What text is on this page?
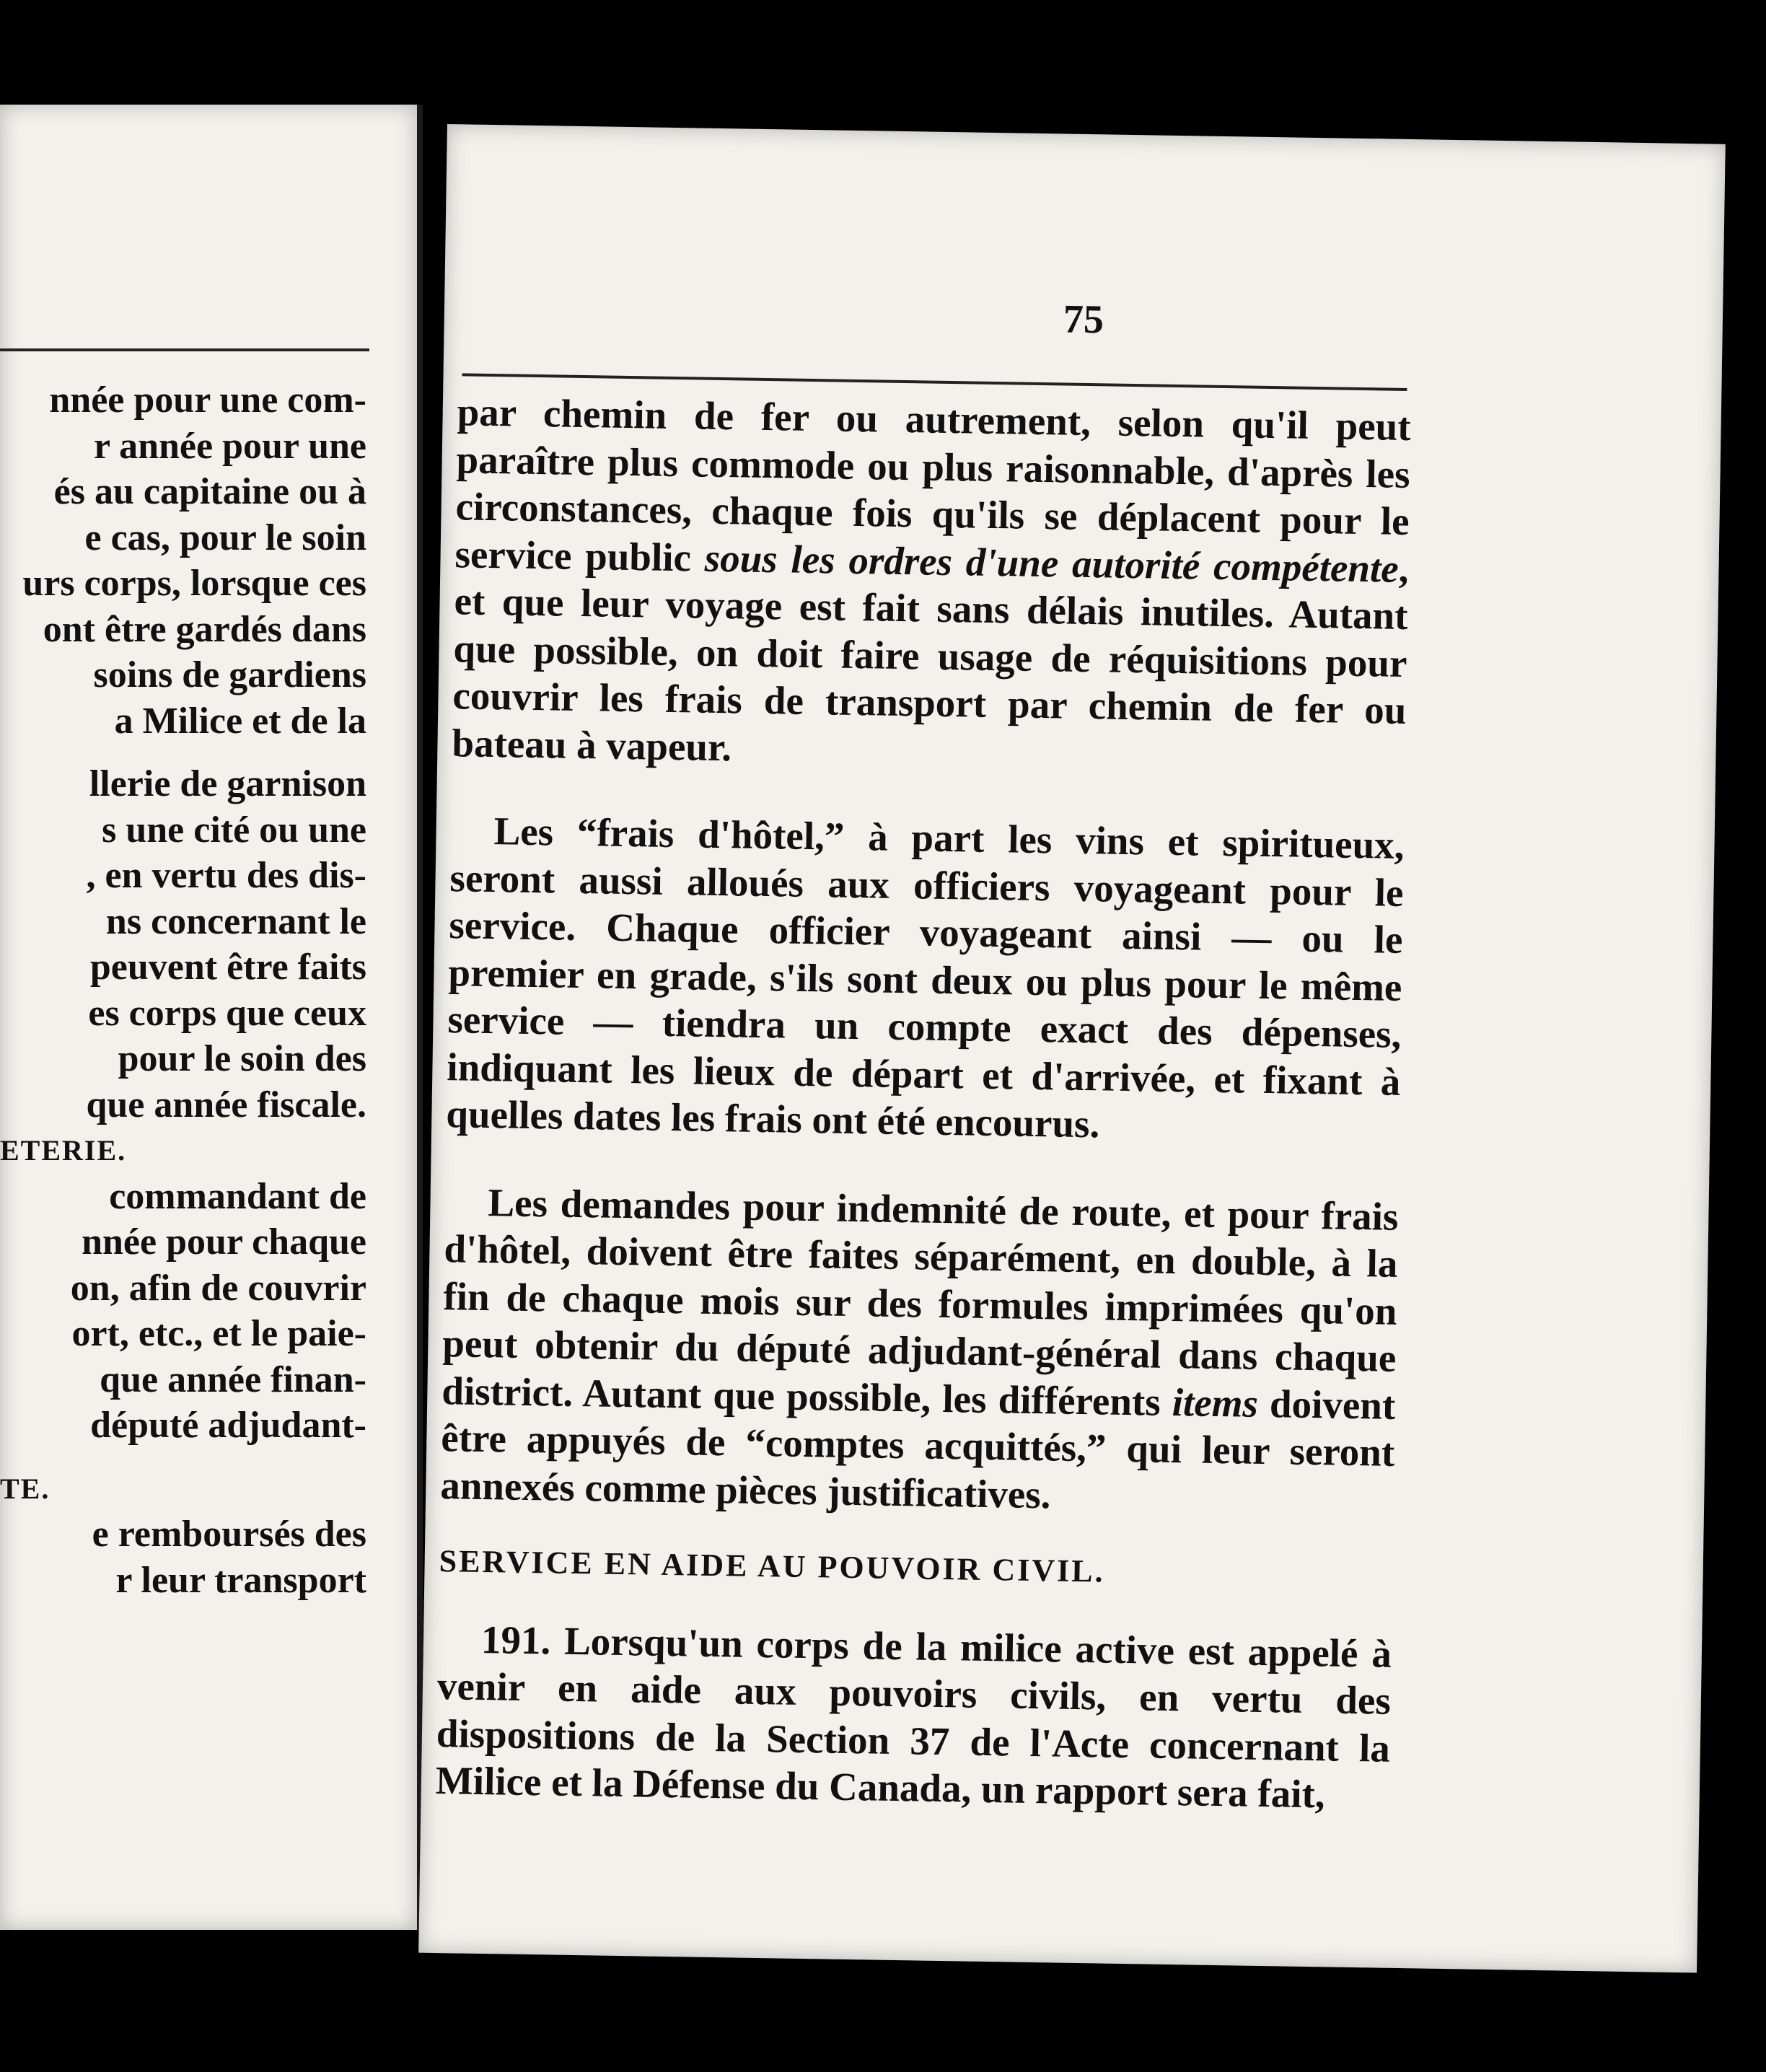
nnée pour une com-
r année pour une
és au capitaine ou à
e cas, pour le soin
urs corps, lorsque ces
ont être gardés dans
soins de gardiens
a Milice et de la
llerie de garnison
s une cité ou une
, en vertu des dis-
ns concernant le
peuvent être faits
es corps que ceux
pour le soin des
que année fiscale.
ETERIE.
commandant de
nnée pour chaque
on, afin de couvrir
ort, etc., et le paie-
que année finan-
député adjudant-
TE.
e remboursés des
r leur transport
75

par chemin de fer ou autrement, selon qu'il peut paraître plus commode ou plus raisonnable, d'après les circonstances, chaque fois qu'ils se déplacent pour le service public sous les ordres d'une autorité compétente, et que leur voyage est fait sans délais inutiles. Autant que possible, on doit faire usage de réquisitions pour couvrir les frais de transport par chemin de fer ou bateau à vapeur.

Les “frais d'hôtel,” à part les vins et spiritueux, seront aussi alloués aux officiers voyageant pour le service. Chaque officier voyageant ainsi — ou le premier en grade, s'ils sont deux ou plus pour le même service — tiendra un compte exact des dépenses, indiquant les lieux de départ et d'arrivée, et fixant à quelles dates les frais ont été encourus.

Les demandes pour indemnité de route, et pour frais d'hôtel, doivent être faites séparément, en double, à la fin de chaque mois sur des formules imprimées qu'on peut obtenir du député adjudant-général dans chaque district. Autant que possible, les différents items doivent être appuyés de “comptes acquittés,” qui leur seront annexés comme pièces justificatives.

SERVICE EN AIDE AU POUVOIR CIVIL.

191. Lorsqu'un corps de la milice active est appelé à venir en aide aux pouvoirs civils, en vertu des dispositions de la Section 37 de l'Acte concernant la Milice et la Défense du Canada, un rapport sera fait,
